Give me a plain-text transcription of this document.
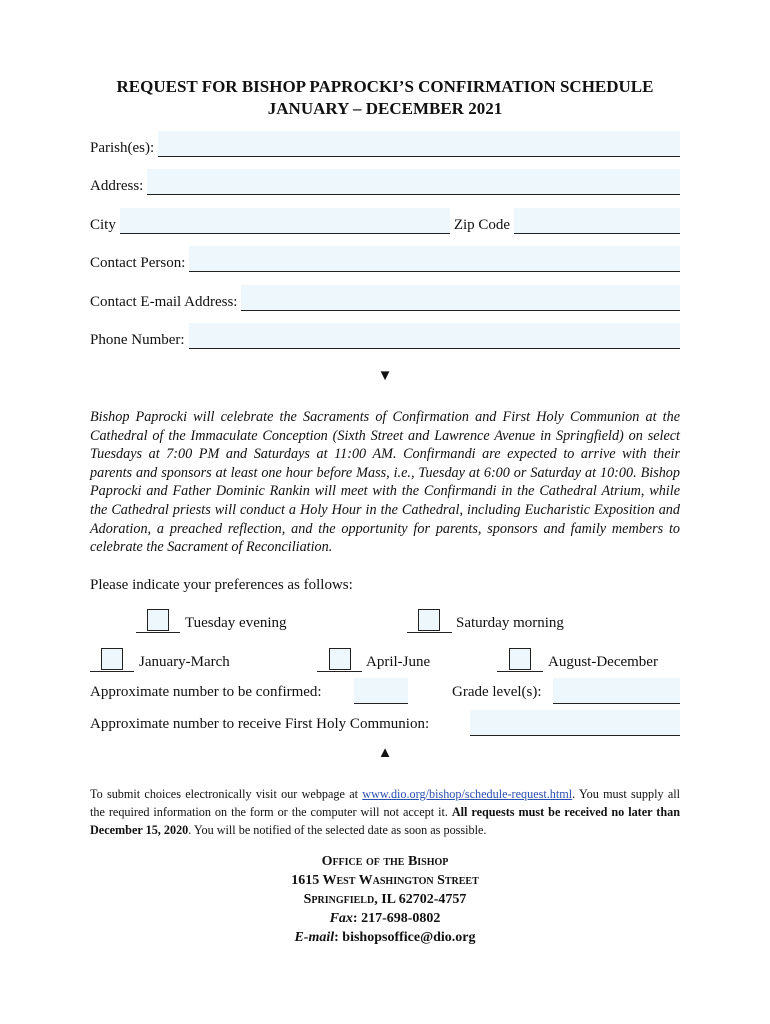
REQUEST FOR BISHOP PAPROCKI’S CONFIRMATION SCHEDULE
JANUARY – DECEMBER 2021
Parish(es):
Address:
City	Zip Code
Contact Person:
Contact E-mail Address:
Phone Number:
▼
Bishop Paprocki will celebrate the Sacraments of Confirmation and First Holy Communion at the Cathedral of the Immaculate Conception (Sixth Street and Lawrence Avenue in Springfield) on select Tuesdays at 7:00 PM and Saturdays at 11:00 AM. Confirmandi are expected to arrive with their parents and sponsors at least one hour before Mass, i.e., Tuesday at 6:00 or Saturday at 10:00. Bishop Paprocki and Father Dominic Rankin will meet with the Confirmandi in the Cathedral Atrium, while the Cathedral priests will conduct a Holy Hour in the Cathedral, including Eucharistic Exposition and Adoration, a preached reflection, and the opportunity for parents, sponsors and family members to celebrate the Sacrament of Reconciliation.
Please indicate your preferences as follows:
Tuesday evening	Saturday morning
January-March	April-June	August-December
Approximate number to be confirmed:	Grade level(s):
Approximate number to receive First Holy Communion:
▲
To submit choices electronically visit our webpage at www.dio.org/bishop/schedule-request.html. You must supply all the required information on the form or the computer will not accept it. All requests must be received no later than December 15, 2020. You will be notified of the selected date as soon as possible.
Office of the Bishop
1615 West Washington Street
Springfield, IL 62702-4757
Fax: 217-698-0802
E-mail: bishopsoffice@dio.org
